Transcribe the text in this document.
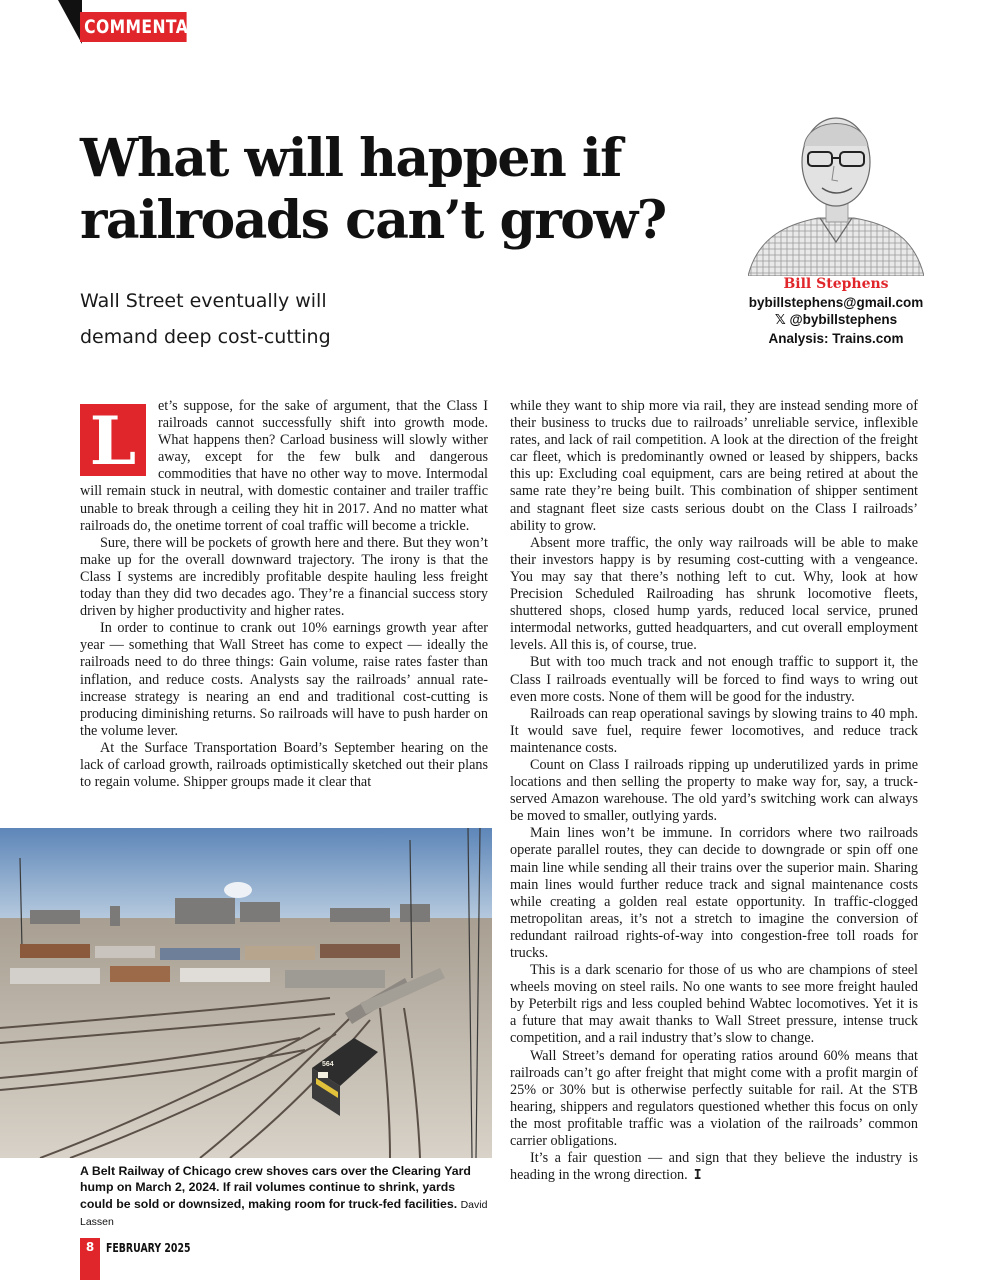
COMMENTARY
What will happen if railroads can’t grow?

Wall Street eventually will demand deep cost-cutting

Bill Stephens
bybillstephens@gmail.com
𝕏 @bybillstephens
Analysis: Trains.com

L	et’s suppose, for the sake of argument, that the Class I railroads cannot successfully shift into growth mode. What happens then? Carload business will slowly wither away, except for the few bulk and dangerous commodities that have no other way to move. Intermodal will remain stuck in neutral, with domestic container and trailer traffic unable to break through a ceiling they hit in 2017. And no matter what railroads do, the onetime torrent of coal traffic will become a trickle.

Sure, there will be pockets of growth here and there. But they won’t make up for the overall downward trajectory. The irony is that the Class I systems are incredibly profitable despite hauling less freight today than they did two decades ago. They’re a financial success story driven by higher productivity and higher rates.

In order to continue to crank out 10% earnings growth year after year — something that Wall Street has come to expect — ideally the railroads need to do three things: Gain volume, raise rates faster than inflation, and reduce costs. Analysts say the railroads’ annual rate-increase strategy is nearing an end and traditional cost-cutting is producing diminishing returns. So railroads will have to push harder on the volume lever.

At the Surface Transportation Board’s September hearing on the lack of carload growth, railroads optimistically sketched out their plans to regain volume. Shipper groups made it clear that

while they want to ship more via rail, they are instead sending more of their business to trucks due to railroads’ unreliable service, inflexible rates, and lack of rail competition. A look at the direction of the freight car fleet, which is predominantly owned or leased by shippers, backs this up: Excluding coal equipment, cars are being retired at about the same rate they’re being built. This combination of shipper sentiment and stagnant fleet size casts serious doubt on the Class I railroads’ ability to grow.

Absent more traffic, the only way railroads will be able to make their investors happy is by resuming cost-cutting with a vengeance. You may say that there’s nothing left to cut. Why, look at how Precision Scheduled Railroading has shrunk locomotive fleets, shuttered shops, closed hump yards, reduced local service, pruned intermodal networks, gutted headquarters, and cut overall employment levels. All this is, of course, true.

But with too much track and not enough traffic to support it, the Class I railroads eventually will be forced to find ways to wring out even more costs. None of them will be good for the industry.

Railroads can reap operational savings by slowing trains to 40 mph. It would save fuel, require fewer locomotives, and reduce track maintenance costs.

Count on Class I railroads ripping up underutilized yards in prime locations and then selling the property to make way for, say, a truck-served Amazon warehouse. The old yard’s switching work can always be moved to smaller, outlying yards.

Main lines won’t be immune. In corridors where two railroads operate parallel routes, they can decide to downgrade or spin off one main line while sending all their trains over the superior main. Sharing main lines would further reduce track and signal maintenance costs while creating a golden real estate opportunity. In traffic-clogged metropolitan areas, it’s not a stretch to imagine the conversion of redundant railroad rights-of-way into congestion-free toll roads for trucks.

This is a dark scenario for those of us who are champions of steel wheels moving on steel rails. No one wants to see more freight hauled by Peterbilt rigs and less coupled behind Wabtec locomotives. Yet it is a future that may await thanks to Wall Street pressure, intense truck competition, and a rail industry that’s slow to change.

Wall Street’s demand for operating ratios around 60% means that railroads can’t go after freight that might come with a profit margin of 25% or 30% but is otherwise perfectly suitable for rail. At the STB hearing, shippers and regulators questioned whether this focus on only the most profitable traffic was a violation of the railroads’ common carrier obligations.

It’s a fair question — and sign that they believe the industry is heading in the wrong direction. I

564

A Belt Railway of Chicago crew shoves cars over the Clearing Yard hump on March 2, 2024. If rail volumes continue to shrink, yards could be sold or downsized, making room for truck-fed facilities. David Lassen

8 FEBRUARY 2025
